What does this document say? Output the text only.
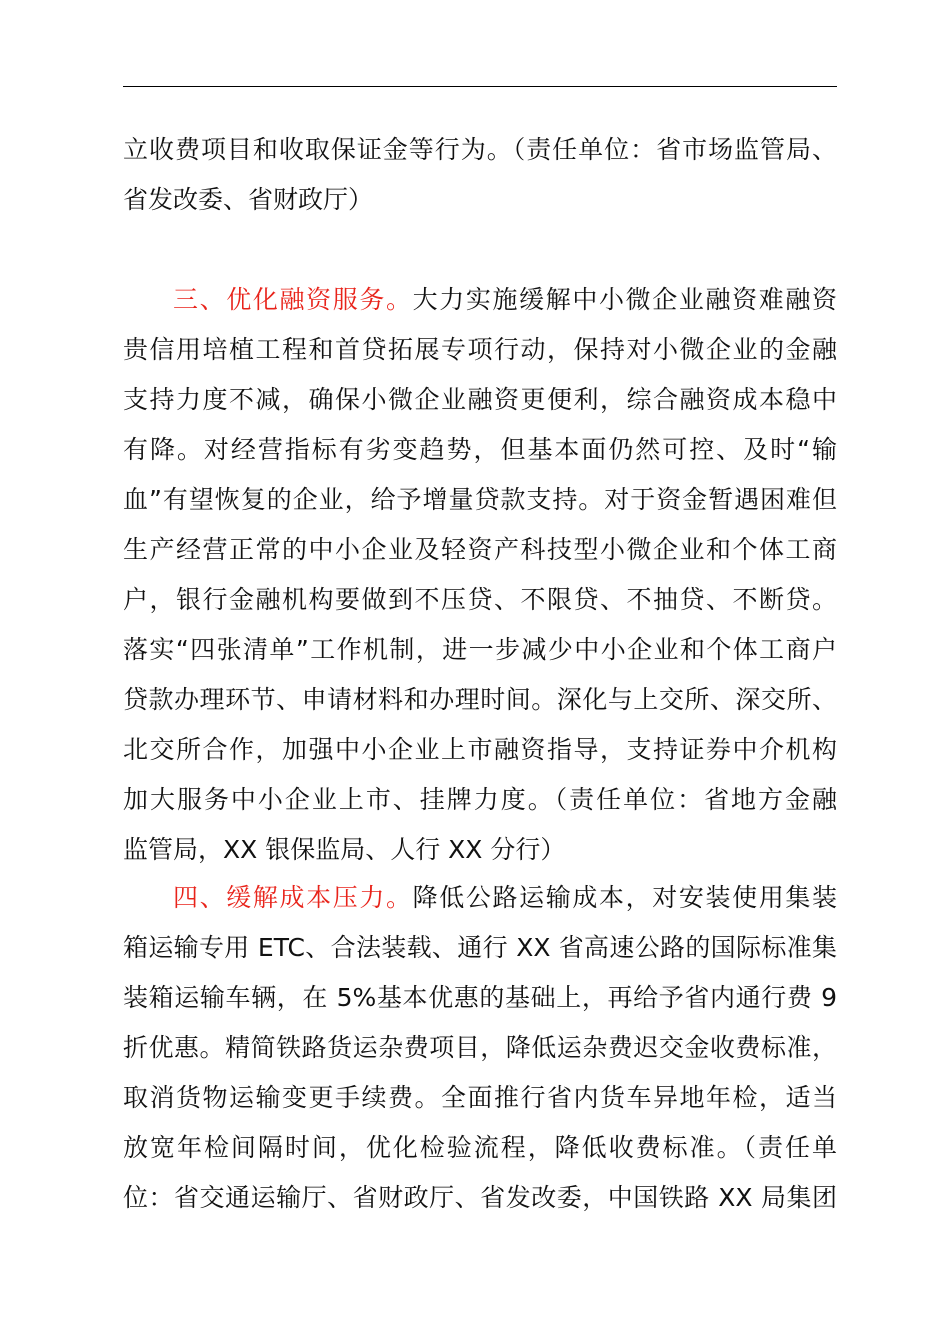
立收费项目和收取保证金等行为。（责任单位：省市场监管局、
省发改委、省财政厅）
三、优化融资服务。大力实施缓解中小微企业融资难融资
贵信用培植工程和首贷拓展专项行动，保持对小微企业的金融
支持力度不减，确保小微企业融资更便利，综合融资成本稳中
有降。对经营指标有劣变趋势，但基本面仍然可控、及时“输
血”有望恢复的企业，给予增量贷款支持。对于资金暂遇困难但
生产经营正常的中小企业及轻资产科技型小微企业和个体工商
户，银行金融机构要做到不压贷、不限贷、不抽贷、不断贷。
落实“四张清单”工作机制，进一步减少中小企业和个体工商户
贷款办理环节、申请材料和办理时间。深化与上交所、深交所、
北交所合作，加强中小企业上市融资指导，支持证券中介机构
加大服务中小企业上市、挂牌力度。（责任单位：省地方金融
监管局，XX 银保监局、人行 XX 分行）
四、缓解成本压力。降低公路运输成本，对安装使用集装
箱运输专用 ETC、合法装载、通行 XX 省高速公路的国际标准集
装箱运输车辆，在 5%基本优惠的基础上，再给予省内通行费 9
折优惠。精简铁路货运杂费项目，降低运杂费迟交金收费标准，
取消货物运输变更手续费。全面推行省内货车异地年检，适当
放宽年检间隔时间，优化检验流程，降低收费标准。（责任单
位：省交通运输厅、省财政厅、省发改委，中国铁路 XX 局集团
